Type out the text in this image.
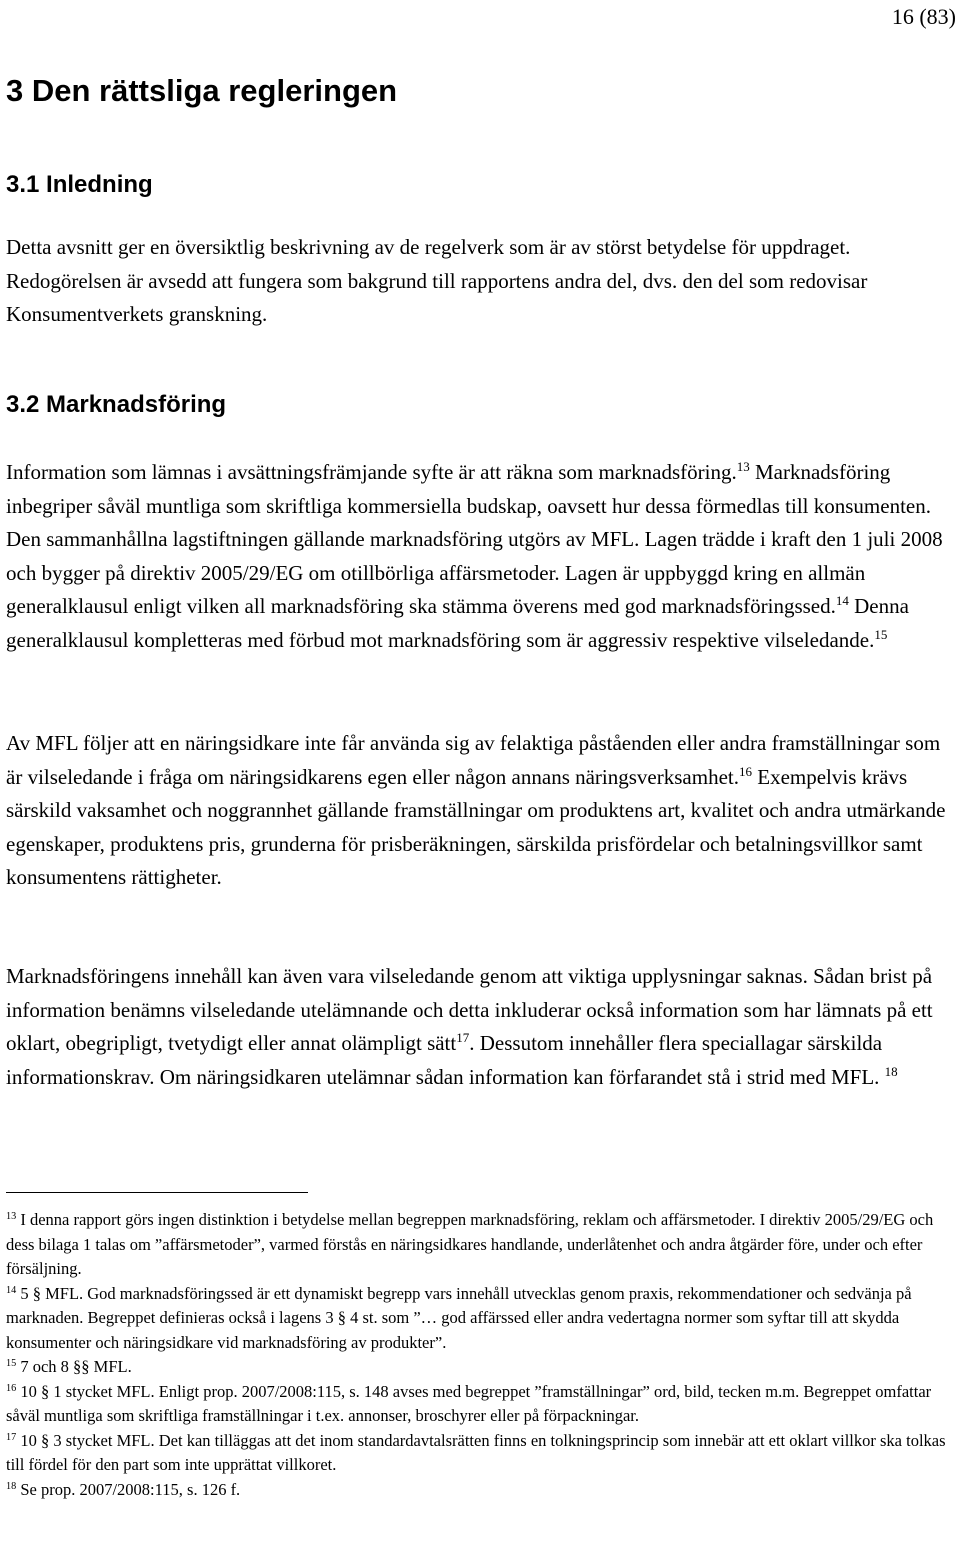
16 (83)
3 Den rättsliga regleringen
3.1 Inledning

Detta avsnitt ger en översiktlig beskrivning av de regelverk som är av störst betydelse för uppdraget. Redogörelsen är avsedd att fungera som bakgrund till rapportens andra del, dvs. den del som redovisar Konsumentverkets granskning.

3.2 Marknadsföring

Information som lämnas i avsättningsfrämjande syfte är att räkna som marknadsföring.$^{13}$ Marknadsföring inbegriper såväl muntliga som skriftliga kommersiella budskap, oavsett hur dessa förmedlas till konsumenten. Den sammanhållna lagstiftningen gällande marknadsföring utgörs av MFL. Lagen trädde i kraft den 1 juli 2008 och bygger på direktiv 2005/29/EG om otillbörliga affärsmetoder. Lagen är uppbyggd kring en allmän generalklausul enligt vilken all marknadsföring ska stämma överens med god marknadsföringssed.$^{14}$ Denna generalklausul kompletteras med förbud mot marknadsföring som är aggressiv respektive vilseledande.$^{15}$

Av MFL följer att en näringsidkare inte får använda sig av felaktiga påståenden eller andra framställningar som är vilseledande i fråga om näringsidkarens egen eller någon annans näringsverksamhet.$^{16}$ Exempelvis krävs särskild vaksamhet och noggrannhet gällande framställningar om produktens art, kvalitet och andra utmärkande egenskaper, produktens pris, grunderna för prisberäkningen, särskilda prisfördelar och betalningsvillkor samt konsumentens rättigheter.

Marknadsföringens innehåll kan även vara vilseledande genom att viktiga upplysningar saknas. Sådan brist på information benämns vilseledande utelämnande och detta inkluderar också information som har lämnats på ett oklart, obegripligt, tvetydigt eller annat olämpligt sätt$^{17}$. Dessutom innehåller flera speciallagar särskilda informationskrav. Om näringsidkaren utelämnar sådan information kan förfarandet stå i strid med MFL. $^{18}$

$^{13}$ I denna rapport görs ingen distinktion i betydelse mellan begreppen marknadsföring, reklam och affärsmetoder. I direktiv 2005/29/EG och dess bilaga 1 talas om ”affärsmetoder”, varmed förstås en näringsidkares handlande, underlåtenhet och andra åtgärder före, under och efter försäljning.

$^{14}$ 5 § MFL. God marknadsföringssed är ett dynamiskt begrepp vars innehåll utvecklas genom praxis, rekommendationer och sedvänja på marknaden. Begreppet definieras också i lagens 3 § 4 st. som ”… god affärssed eller andra vedertagna normer som syftar till att skydda konsumenter och näringsidkare vid marknadsföring av produkter”.

$^{15}$ 7 och 8 §§ MFL.

$^{16}$ 10 § 1 stycket MFL. Enligt prop. 2007/2008:115, s. 148 avses med begreppet ”framställningar” ord, bild, tecken m.m. Begreppet omfattar såväl muntliga som skriftliga framställningar i t.ex. annonser, broschyrer eller på förpackningar.

$^{17}$ 10 § 3 stycket MFL. Det kan tilläggas att det inom standardavtalsrätten finns en tolkningsprincip som innebär att ett oklart villkor ska tolkas till fördel för den part som inte upprättat villkoret.

$^{18}$ Se prop. 2007/2008:115, s. 126 f.
